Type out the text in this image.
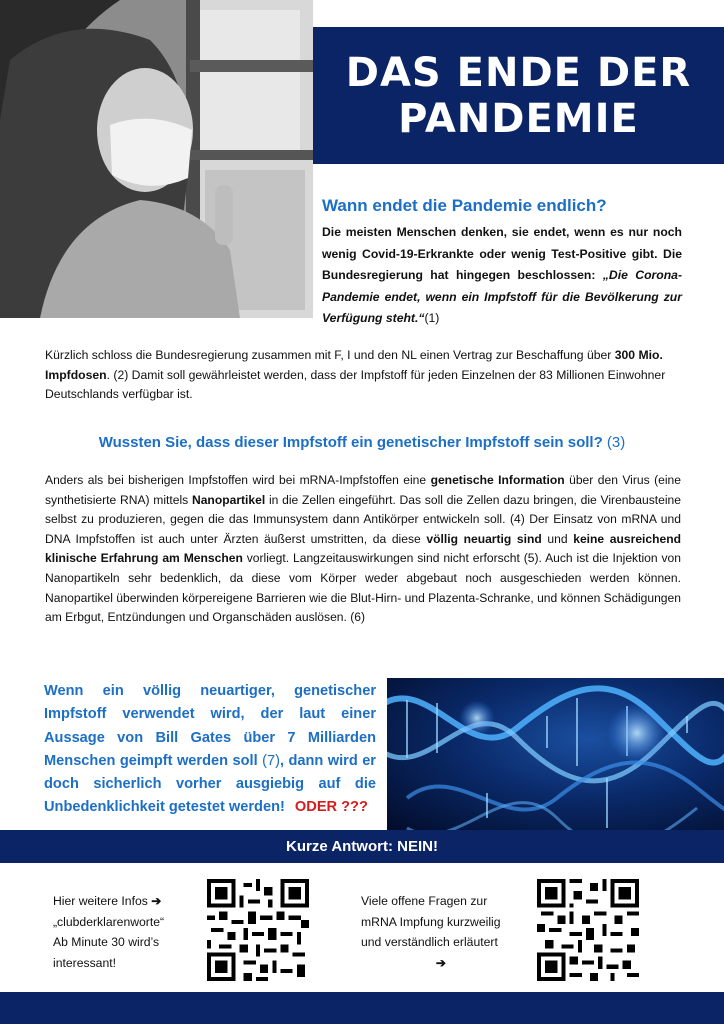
DAS ENDE DER
PANDEMIE
Wann endet die Pandemie endlich?
Die meisten Menschen denken, sie endet, wenn es nur noch wenig Covid-19-Erkrankte oder wenig Test-Positive gibt. Die Bundesregierung hat hingegen beschlossen: „Die Corona-Pandemie endet, wenn ein Impfstoff für die Bevölkerung zur Verfügung steht.“(1)
Kürzlich schloss die Bundesregierung zusammen mit F, I und den NL einen Vertrag zur Beschaffung über 300 Mio. Impfdosen. (2) Damit soll gewährleistet werden, dass der Impfstoff für jeden Einzelnen der 83 Millionen Einwohner Deutschlands verfügbar ist.
Wussten Sie, dass dieser Impfstoff ein genetischer Impfstoff sein soll? (3)
Anders als bei bisherigen Impfstoffen wird bei mRNA-Impfstoffen eine genetische Information über den Virus (eine synthetisierte RNA) mittels Nanopartikel in die Zellen eingeführt. Das soll die Zellen dazu bringen, die Virenbausteine selbst zu produzieren, gegen die das Immunsystem dann Antikörper entwickeln soll. (4) Der Einsatz von mRNA und DNA Impfstoffen ist auch unter Ärzten äußerst umstritten, da diese völlig neuartig sind und keine ausreichend klinische Erfahrung am Menschen vorliegt. Langzeitauswirkungen sind nicht erforscht (5). Auch ist die Injektion von Nanopartikeln sehr bedenklich, da diese vom Körper weder abgebaut noch ausgeschieden werden können. Nanopartikel überwinden körpereigene Barrieren wie die Blut-Hirn- und Plazenta-Schranke, und können Schädigungen am Erbgut, Entzündungen und Organschäden auslösen. (6)
Wenn ein völlig neuartiger, genetischer Impfstoff verwendet wird, der laut einer Aussage von Bill Gates über 7 Milliarden Menschen geimpft werden soll (7), dann wird er doch sicherlich vorher ausgiebig auf die Unbedenklichkeit getestet werden! ODER ???
Kurze Antwort: NEIN!
Hier weitere Infos ➔
„clubderklarenworte“
Ab Minute 30 wird’s interessant!
Viele offene Fragen zur mRNA Impfung kurzweilig und verständlich erläutert

➔
